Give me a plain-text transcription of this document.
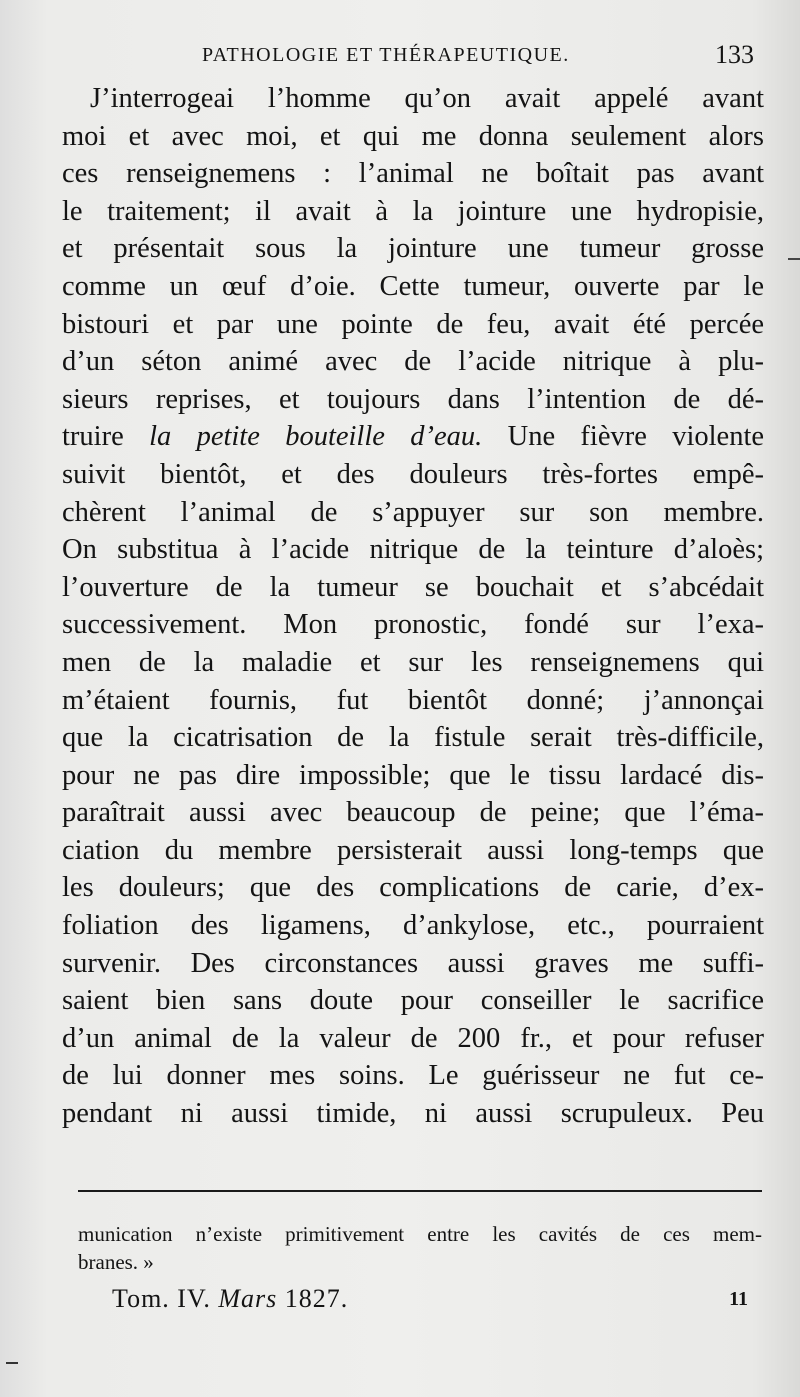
PATHOLOGIE ET THÉRAPEUTIQUE.	133
J’interrogeai l’homme qu’on avait appelé avant
moi et avec moi, et qui me donna seulement alors
ces renseignemens : l’animal ne boîtait pas avant
le traitement; il avait à la jointure une hydropisie,
et présentait sous la jointure une tumeur grosse
comme un œuf d’oie. Cette tumeur, ouverte par le
bistouri et par une pointe de feu, avait été percée
d’un séton animé avec de l’acide nitrique à plu-
sieurs reprises, et toujours dans l’intention de dé-
truire la petite bouteille d’eau. Une fièvre violente
suivit bientôt, et des douleurs très-fortes empê-
chèrent l’animal de s’appuyer sur son membre.
On substitua à l’acide nitrique de la teinture d’aloès;
l’ouverture de la tumeur se bouchait et s’abcédait
successivement. Mon pronostic, fondé sur l’exa-
men de la maladie et sur les renseignemens qui
m’étaient fournis, fut bientôt donné; j’annonçai
que la cicatrisation de la fistule serait très-difficile,
pour ne pas dire impossible; que le tissu lardacé dis-
paraîtrait aussi avec beaucoup de peine; que l’éma-
ciation du membre persisterait aussi long-temps que
les douleurs; que des complications de carie, d’ex-
foliation des ligamens, d’ankylose, etc., pourraient
survenir. Des circonstances aussi graves me suffi-
saient bien sans doute pour conseiller le sacrifice
d’un animal de la valeur de 200 fr., et pour refuser
de lui donner mes soins. Le guérisseur ne fut ce-
pendant ni aussi timide, ni aussi scrupuleux. Peu
munication n’existe primitivement entre les cavités de ces mem-
branes. »
Tom. IV. Mars 1827.	11
